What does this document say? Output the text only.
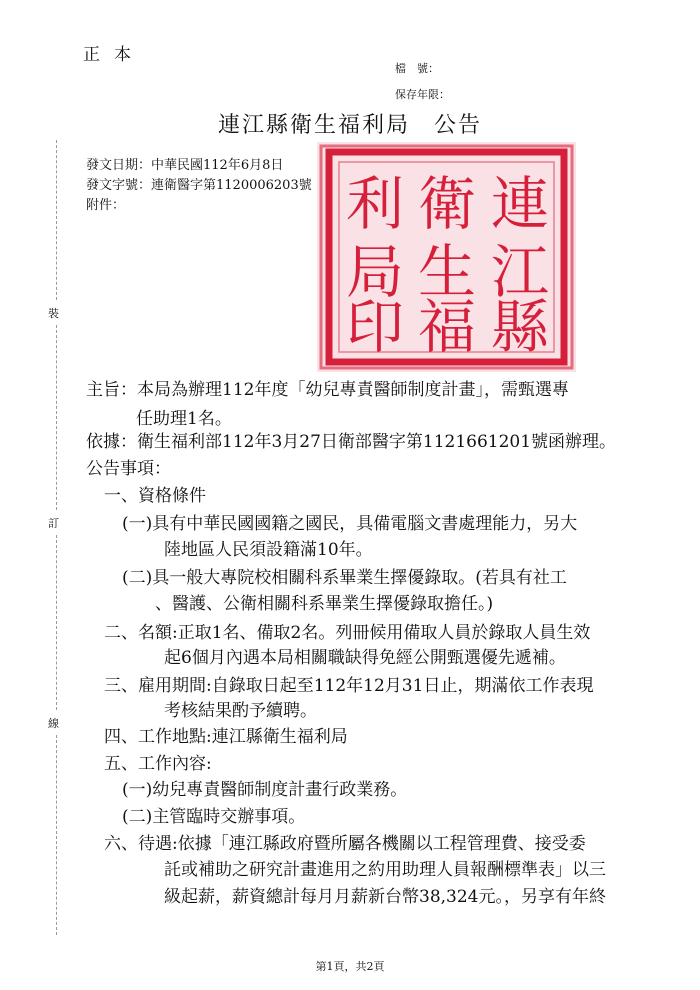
正本
檔　號：
保存年限：
連江縣衛生福利局　公告
發文日期：中華民國112年6月8日
發文字號：連衛醫字第1120006203號
附件：
裝
訂
線
連
江
縣
衛
生
福
利
局
印
主旨：本局為辦理112年度「幼兒專責醫師制度計畫」，需甄選專
任助理1名。
依據：衛生福利部112年3月27日衛部醫字第1121661201號函辦理。
公告事項：
一、資格條件
(一)具有中華民國國籍之國民，具備電腦文書處理能力，另大
陸地區人民須設籍滿10年。
(二)具一般大專院校相關科系畢業生擇優錄取。(若具有社工
、醫護、公衛相關科系畢業生擇優錄取擔任。)
二、名額:正取1名、備取2名。列冊候用備取人員於錄取人員生效
起6個月內遇本局相關職缺得免經公開甄選優先遞補。
三、雇用期間:自錄取日起至112年12月31日止，期滿依工作表現
考核結果酌予續聘。
四、工作地點:連江縣衛生福利局
五、工作內容:
(一)幼兒專責醫師制度計畫行政業務。
(二)主管臨時交辦事項。
六、待遇:依據「連江縣政府暨所屬各機關以工程管理費、接受委
託或補助之研究計畫進用之約用助理人員報酬標準表」以三
級起薪，薪資總計每月月薪新台幣38,324元。，另享有年終
第1頁，共2頁
